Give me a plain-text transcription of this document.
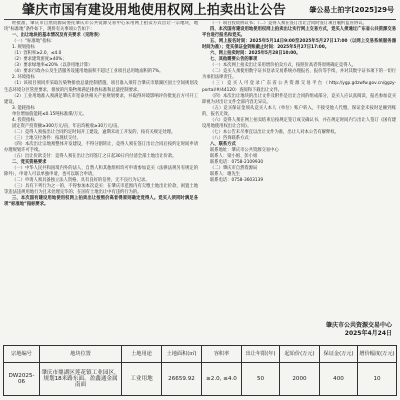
肇庆市国有建设用地使用权网上拍卖出让公告	肇公易土拍字[2025]29号

经批准，肇庆市自然资源局委托肇庆市公共资源交易中心采用网上拍卖方式出让一宗地块，地块“标准地”条件如下，现将有关事项公告如下：

一、出让地块的基本情况及有关要求（见附表）

（一）“标准地”指标：

1. 规划指标

（1）容积率≥2.0，≤4.0

（2）要求建筑密度≥40%；

（3）要求绿地率≤20%（以净用地计算）

（4）要求行政办公及生活服务设施用地面积不超过工业项目总用地面积的7%。

2. 环境指标

（1）该项目须同步采取污染物排放总量控制措施，项目准入须符合肇庆市鼎湖区国土空间规划及生态环境分区管控要求，排放的污染物须满足排放标准和总量控制要求。

（2）工业用地准入须满足肇庆市宽泰县相关产业规划要求，并取得环境影响评价批复后方可开工建设。

3. 能耗指标

单位增加值能耗≤0.15吨标准煤/万元。

4. 投资指标

固定资产投资额≥300万元/亩，年亩均税收≥30万元/亩。

（二）竞得人须按出让合同约定时间开工建设，逾期未动工开发的，按有关规定处理。

（三）土地交付条件：按现状交付。

（四）本次出让宗地须整体开发建设，不得分割转让，竞得人须在签订出让合同后按约定时间申请办理规划许可手续。

（五）出让价款支付：竞得人须在出让合同签订之日起30日内付清全部土地出让价款。

二、竞买资格要求

（一）中华人民共和国境内外的法人、自然人和其他组织均可申请参加竞买（法律法规另有规定的除外），申请人可以单独申请，也可以联合申请。

（二）申请人须具备独立法人资格，具有良好的信誉，无不良行为记录。

（三）具有下列行为之一的，不得参加本次竞买：在肇庆市范围内有欠缴土地出让价款、闲置土地等违法违规用地行为且未处理完毕的；在国有土地出让中有违约行为的。

三、本次国有建设用地使用权网上拍卖出让按照价高者得原则确定竞得人。竞买人须同时满足各项“标准地”指标要求。

（一）项目投资协议书；（二）竞得人须在签订出让合同时签订项目履约监管协议。

四、本次国有建设用地使用权网上拍卖出让实行网上交易方式，竞买人须通过广东省公共资源交易平台进行报名和竞买。

五、网上报名时间：2025年5月14日9:00至2025年5月27日17:00（以网上交易系统服务器时间为准）；竞买保证金到账截止时间：2025年5月27日17:00。

六、网上拍卖时间：2025年5月28日10:00。

七、其他需要公告的事项

（一）本次网上拍卖出让采用增价拍卖方式，按照价高者得原则确定竞得人。

（二）竞买人须使用数字证书登录交易系统办理报名、报价等手续，并对其数字证书项下的一切行为承担法律责任。

（三）竞买人可登录广东省公共资源交易平台（http://ygp.gdzwfw.gov.cn/ggzy-portal/#/44120）查阅和下载出让文件。

（四）本次出让地块的出让文件及附件是出让合同的组成部分，竞买人应认真阅读，报名参加竞买即视为对出让文件全部内容无异议。

（五）竞买保证金须从竞买人本人（单位）账户转入，不接受他人代缴，保证金未按时足额到账的，报名无效。

（六）竞得人须在网上拍卖结束后按规定签订成交确认书，并在规定时间内与出让人签订《国有建设用地使用权出让合同》。

（七）本公告未尽事宜以出让文件为准，出让人对本公告有解释权。

（八）咨询联系方式：

八、联系方式

联系地址：肇庆市公共资源交易中心

联系人：梁小姐、彭小姐

联系电话：0758-2109930

（二）肇庆市自然资源局

联系人：谢先生

联系电话：0758-3603139

肇庆市公共资源交易中心
2025年4月24日
宗地编号	地块位置	土地用途	土地面积(㎡)	容积率	出让年限(年)	起始价(万元)	保证金(万元)	增价幅度(万元)
DW2025-06	肇庆市鼎湖区莲花镇工业园区，规划18米路东面、盈鑫通金属南面	工业用地	26659.92	≥2.0, ≤4.0	50	2000	400	10
